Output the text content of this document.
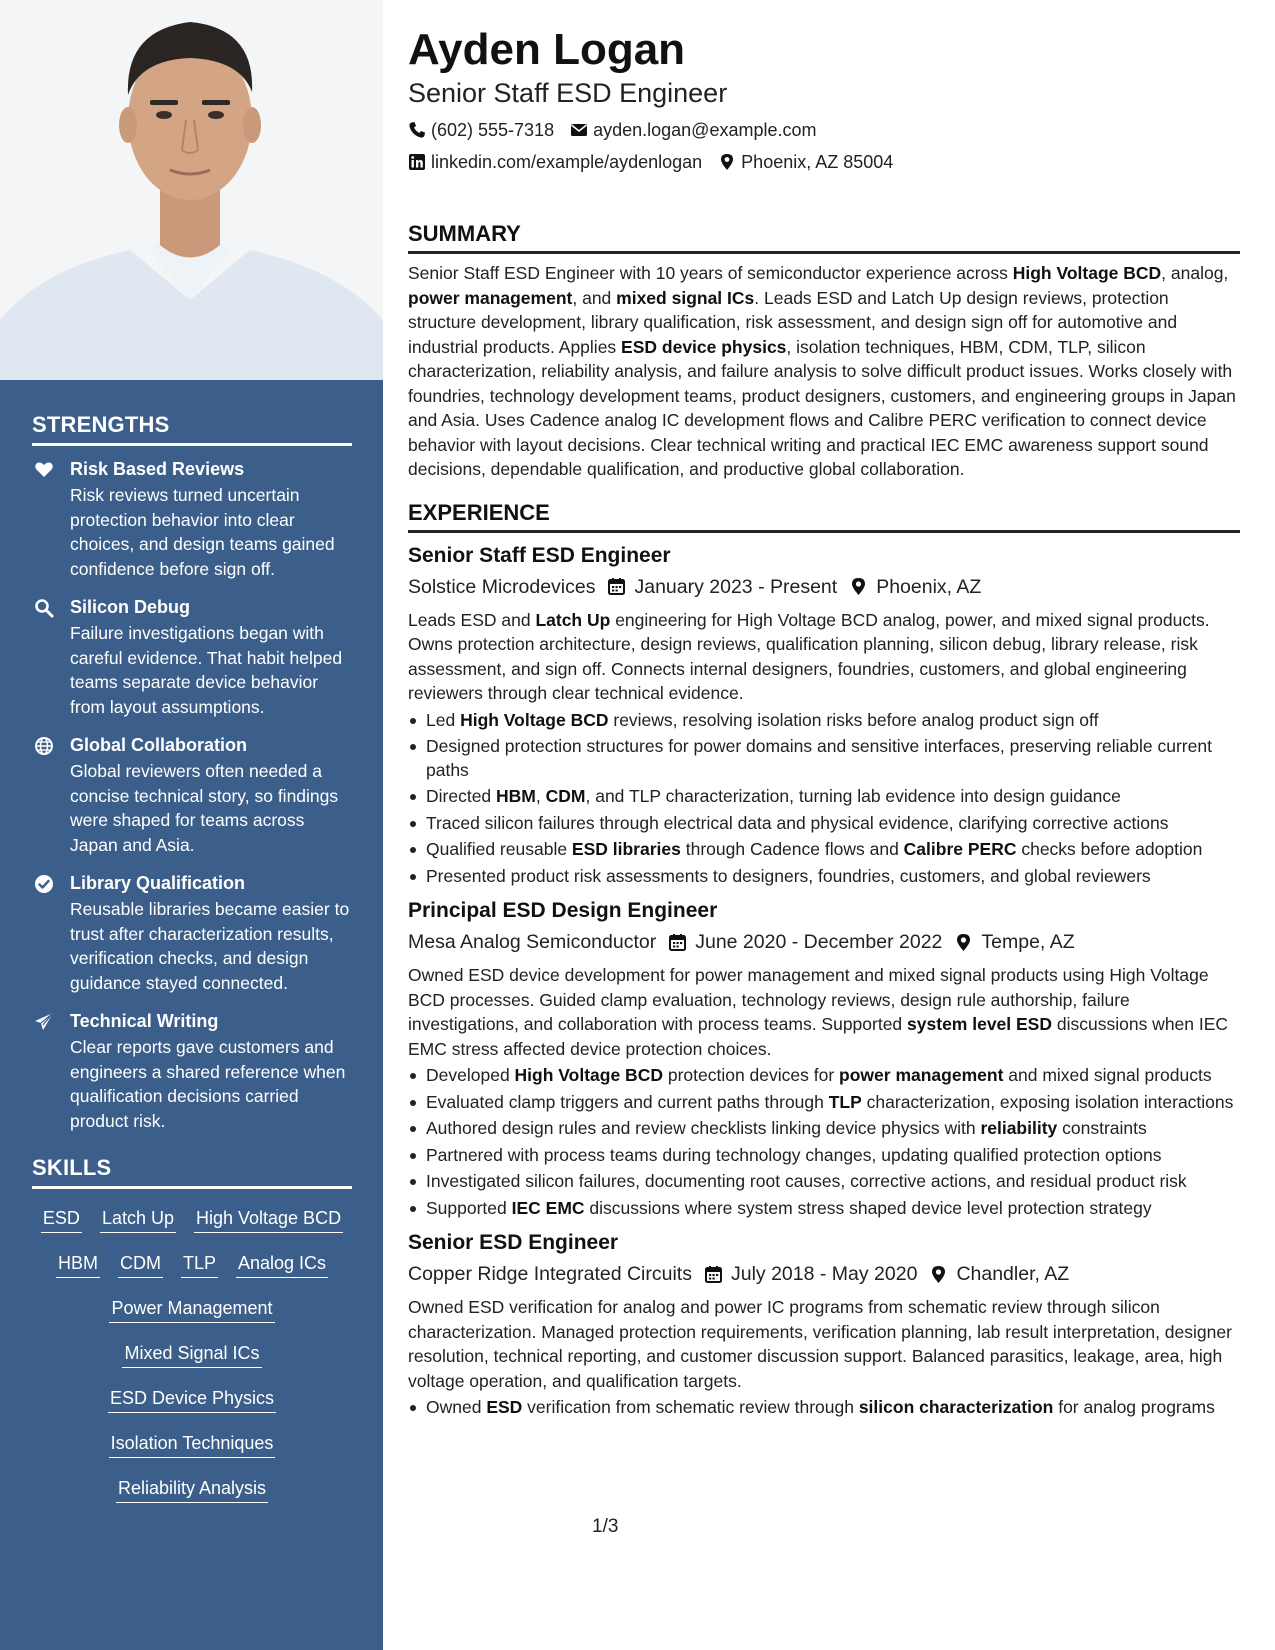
STRENGTHS
Risk Based Reviews
Risk reviews turned uncertain protection behavior into clear choices, and design teams gained confidence before sign off.
Silicon Debug
Failure investigations began with careful evidence. That habit helped teams separate device behavior from layout assumptions.
Global Collaboration
Global reviewers often needed a concise technical story, so findings were shaped for teams across Japan and Asia.
Library Qualification
Reusable libraries became easier to trust after characterization results, verification checks, and design guidance stayed connected.
Technical Writing
Clear reports gave customers and engineers a shared reference when qualification decisions carried product risk.
SKILLS
ESD Latch Up High Voltage BCD
HBM CDM TLP Analog ICs
Power Management
Mixed Signal ICs
ESD Device Physics
Isolation Techniques
Reliability Analysis
Ayden Logan
Senior Staff ESD Engineer
(602) 555-7318 ayden.logan@example.com
linkedin.com/example/aydenlogan Phoenix, AZ 85004
SUMMARY
Senior Staff ESD Engineer with 10 years of semiconductor experience across High Voltage BCD, analog, power management, and mixed signal ICs. Leads ESD and Latch Up design reviews, protection structure development, library qualification, risk assessment, and design sign off for automotive and industrial products. Applies ESD device physics, isolation techniques, HBM, CDM, TLP, silicon characterization, reliability analysis, and failure analysis to solve difficult product issues. Works closely with foundries, technology development teams, product designers, customers, and engineering groups in Japan and Asia. Uses Cadence analog IC development flows and Calibre PERC verification to connect device behavior with layout decisions. Clear technical writing and practical IEC EMC awareness support sound decisions, dependable qualification, and productive global collaboration.
EXPERIENCE
Senior Staff ESD Engineer
Solstice Microdevices January 2023 - Present Phoenix, AZ
Leads ESD and Latch Up engineering for High Voltage BCD analog, power, and mixed signal products. Owns protection architecture, design reviews, qualification planning, silicon debug, library release, risk assessment, and sign off. Connects internal designers, foundries, customers, and global engineering reviewers through clear technical evidence.
Led High Voltage BCD reviews, resolving isolation risks before analog product sign off
Designed protection structures for power domains and sensitive interfaces, preserving reliable current paths
Directed HBM, CDM, and TLP characterization, turning lab evidence into design guidance
Traced silicon failures through electrical data and physical evidence, clarifying corrective actions
Qualified reusable ESD libraries through Cadence flows and Calibre PERC checks before adoption
Presented product risk assessments to designers, foundries, customers, and global reviewers
Principal ESD Design Engineer
Mesa Analog Semiconductor June 2020 - December 2022 Tempe, AZ
Owned ESD device development for power management and mixed signal products using High Voltage BCD processes. Guided clamp evaluation, technology reviews, design rule authorship, failure investigations, and collaboration with process teams. Supported system level ESD discussions when IEC EMC stress affected device protection choices.
Developed High Voltage BCD protection devices for power management and mixed signal products
Evaluated clamp triggers and current paths through TLP characterization, exposing isolation interactions
Authored design rules and review checklists linking device physics with reliability constraints
Partnered with process teams during technology changes, updating qualified protection options
Investigated silicon failures, documenting root causes, corrective actions, and residual product risk
Supported IEC EMC discussions where system stress shaped device level protection strategy
Senior ESD Engineer
Copper Ridge Integrated Circuits July 2018 - May 2020 Chandler, AZ
Owned ESD verification for analog and power IC programs from schematic review through silicon characterization. Managed protection requirements, verification planning, lab result interpretation, designer resolution, technical reporting, and customer discussion support. Balanced parasitics, leakage, area, high voltage operation, and qualification targets.
Owned ESD verification from schematic review through silicon characterization for analog programs
1/3
